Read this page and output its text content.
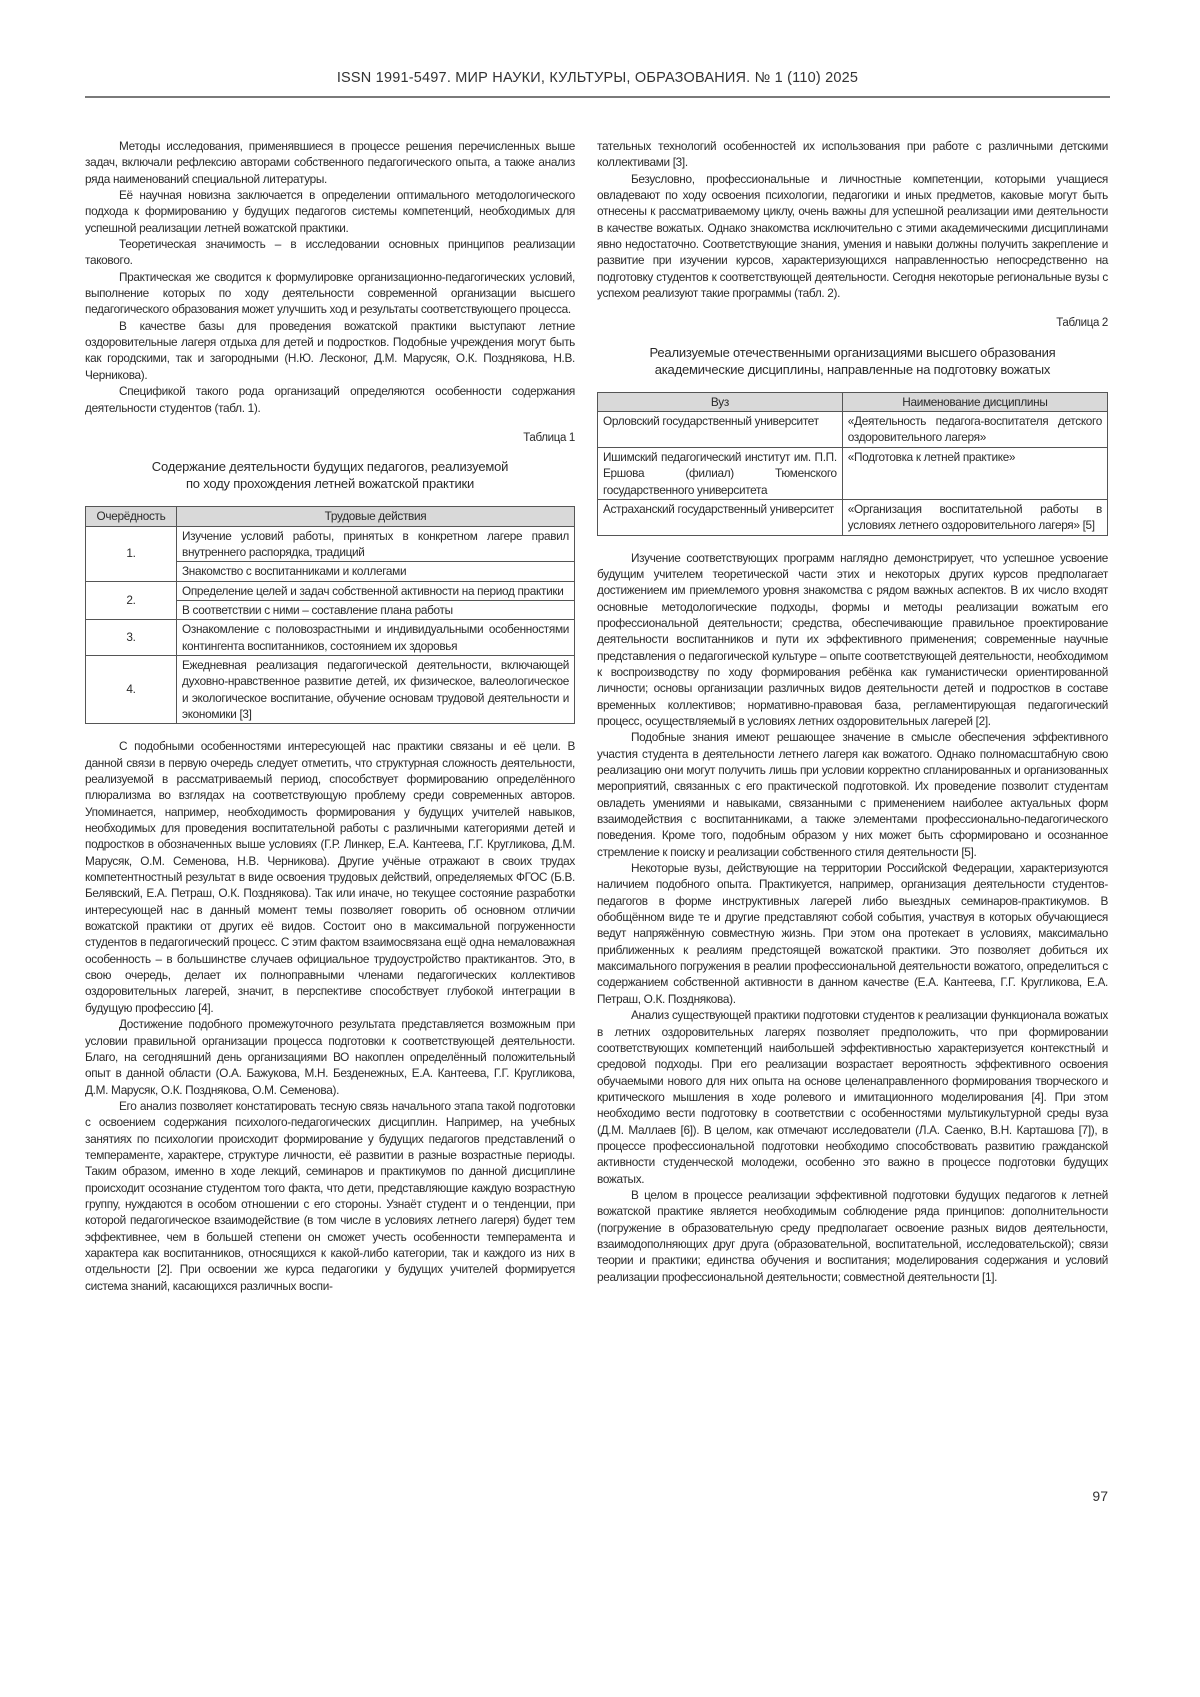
ISSN 1991-5497. МИР НАУКИ, КУЛЬТУРЫ, ОБРАЗОВАНИЯ. № 1 (110) 2025

Методы исследования, применявшиеся в процессе решения перечисленных выше задач, включали рефлексию авторами собственного педагогического опыта, а также анализ ряда наименований специальной литературы.

Её научная новизна заключается в определении оптимального методологического подхода к формированию у будущих педагогов системы компетенций, необходимых для успешной реализации летней вожатской практики.

Теоретическая значимость – в исследовании основных принципов реализации таковогo.

Практическая же сводится к формулировке организационно-педагогических условий, выполнение которых по ходу деятельности современной организации высшего педагогического образования может улучшить ход и результаты соответствующего процесса.

В качестве базы для проведения вожатской практики выступают летние оздоровительные лагеря отдыха для детей и подростков. Подобные учреждения могут быть как городскими, так и загородными (Н.Ю. Лесконог, Д.М. Марусяк, О.К. Позднякова, Н.В. Черникова).

Спецификой такого рода организаций определяются особенности содержания деятельности студентов (табл. 1).

Таблица 1
Содержание деятельности будущих педагогов, реализуемой
по ходу прохождения летней вожатской практики
Очерёдность	Трудовые действия
1.	Изучение условий работы, принятых в конкретном лагере правил внутреннего распорядка, традиций
Знакомство с воспитанниками и коллегами
2.	Определение целей и задач собственной активности на период практики
В соответствии с ними – составление плана работы
3.	Ознакомление с половозрастными и индивидуальными особенностями контингента воспитанников, состоянием их здоровья
4.	Ежедневная реализация педагогической деятельности, включающей духовно-нравственное развитие детей, их физическое, валеологическое и экологическое воспитание, обучение основам трудовой деятельности и экономики [3]

С подобными особенностями интересующей нас практики связаны и её цели. В данной связи в первую очередь следует отметить, что структурная сложность деятельности, реализуемой в рассматриваемый период, способствует формированию определённого плюрализма во взглядах на соответствующую проблему среди современных авторов. Упоминается, например, необходимость формирования у будущих учителей навыков, необходимых для проведения воспитательной работы с различными категориями детей и подростков в обозначенных выше условиях (Г.Р. Линкер, Е.А. Кантеева, Г.Г. Кругликова, Д.М. Марусяк, О.М. Семенова, Н.В. Черникова). Другие учёные отражают в своих трудах компетентностный результат в виде освоения трудовых действий, определяемых ФГОС (Б.В. Белявский, Е.А. Петраш, О.К. Позднякова). Так или иначе, но текущее состояние разработки интересующей нас в данный момент темы позволяет говорить об основном отличии вожатской практики от других её видов. Состоит оно в максимальной погруженности студентов в педагогический процесс. С этим фактом взаимосвязана ещё одна немаловажная особенность – в большинстве случаев официальное трудоустройство практикантов. Это, в свою очередь, делает их полноправными членами педагогических коллективов оздоровительных лагерей, значит, в перспективе способствует глубокой интеграции в будущую профессию [4].

Достижение подобного промежуточного результата представляется возможным при условии правильной организации процесса подготовки к соответствующей деятельности. Благо, на сегодняшний день организациями ВО накоплен определённый положительный опыт в данной области (О.А. Бажукова, М.Н. Безденежных, Е.А. Кантеева, Г.Г. Кругликова, Д.М. Марусяк, О.К. Позднякова, О.М. Семенова).

Его анализ позволяет констатировать тесную связь начального этапа такой подготовки с освоением содержания психолого-педагогических дисциплин. Например, на учебных занятиях по психологии происходит формирование у будущих педагогов представлений о темпераменте, характере, структуре личности, её развитии в разные возрастные периоды. Таким образом, именно в ходе лекций, семинаров и практикумов по данной дисциплине происходит осознание студентом того факта, что дети, представляющие каждую возрастную группу, нуждаются в особом отношении с его стороны. Узнаёт студент и о тенденции, при которой педагогическое взаимодействие (в том числе в условиях летнего лагеря) будет тем эффективнее, чем в большей степени он сможет учесть особенности темперамента и характера как воспитанников, относящихся к какой-либо категории, так и каждого из них в отдельности [2]. При освоении же курса педагогики у будущих учителей формируется система знаний, касающихся различных воспи-

тательных технологий особенностей их использования при работе с различными детскими коллективами [3].

Безусловно, профессиональные и личностные компетенции, которыми учащиеся овладевают по ходу освоения психологии, педагогики и иных предметов, каковые могут быть отнесены к рассматриваемому циклу, очень важны для успешной реализации ими деятельности в качестве вожатых. Однако знакомства исключительно с этими академическими дисциплинами явно недостаточно. Соответствующие знания, умения и навыки должны получить закрепление и развитие при изучении курсов, характеризующихся направленностью непосредственно на подготовку студентов к соответствующей деятельности. Сегодня некоторые региональные вузы с успехом реализуют такие программы (табл. 2).

Таблица 2
Реализуемые отечественными организациями высшего образования
академические дисциплины, направленные на подготовку вожатых
Вуз	Наименование дисциплины
Орловский государственный университет	«Деятельность педагога-воспитателя детского оздоровительного лагеря»
Ишимский педагогический институт им. П.П. Ершова (филиал) Тюменского государственного университета	«Подготовка к летней практике»
Астраханский государственный университет	«Организация воспитательной работы в условиях летнего оздоровительного лагеря» [5]

Изучение соответствующих программ наглядно демонстрирует, что успешное усвоение будущим учителем теоретической части этих и некоторых других курсов предполагает достижением им приемлемого уровня знакомства с рядом важных аспектов. В их число входят основные методологические подходы, формы и методы реализации вожатым его профессиональной деятельности; средства, обеспечивающие правильное проектирование деятельности воспитанников и пути их эффективного применения; современные научные представления о педагогической культуре – опыте соответствующей деятельности, необходимом к воспроизводству по ходу формирования ребёнка как гуманистически ориентированной личности; основы организации различных видов деятельности детей и подростков в составе временных коллективов; нормативно-правовая база, регламентирующая педагогический процесс, осуществляемый в условиях летних оздоровительных лагерей [2].

Подобные знания имеют решающее значение в смысле обеспечения эффективного участия студента в деятельности летнего лагеря как вожатого. Однако полномасштабную свою реализацию они могут получить лишь при условии корректно спланированных и организованных мероприятий, связанных с его практической подготовкой. Их проведение позволит студентам овладеть умениями и навыками, связанными с применением наиболее актуальных форм взаимодействия с воспитанниками, а также элементами профессионально-педагогического поведения. Кроме того, подобным образом у них может быть сформировано и осознанное стремление к поиску и реализации собственного стиля деятельности [5].

Некоторые вузы, действующие на территории Российской Федерации, характеризуются наличием подобного опыта. Практикуется, например, организация деятельности студентов-педагогов в форме инструктивных лагерей либо выездных семинаров-практикумов. В обобщённом виде те и другие представляют собой события, участвуя в которых обучающиеся ведут напряжённую совместную жизнь. При этом она протекает в условиях, максимально приближенных к реалиям предстоящей вожатской практики. Это позволяет добиться их максимального погружения в реалии профессиональной деятельности вожатого, определиться с содержанием собственной активности в данном качестве (Е.А. Кантеева, Г.Г. Кругликова, Е.А. Петраш, О.К. Позднякова).

Анализ существующей практики подготовки студентов к реализации функционала вожатых в летних оздоровительных лагерях позволяет предположить, что при формировании соответствующих компетенций наибольшей эффективностью характеризуется контекстный и средовой подходы. При его реализации возрастает вероятность эффективного освоения обучаемыми нового для них опыта на основе целенаправленного формирования творческого и критического мышления в ходе ролевого и имитационного моделирования [4]. При этом необходимо вести подготовку в соответствии с особенностями мультикультурной среды вуза (Д.М. Маллаев [6]). В целом, как отмечают исследователи (Л.А. Саенко, В.Н. Карташова [7]), в процессе профессиональной подготовки необходимо способствовать развитию гражданской активности студенческой молодежи, особенно это важно в процессе подготовки будущих вожатых.

В целом в процессе реализации эффективной подготовки будущих педагогов к летней вожатской практике является необходимым соблюдение ряда принципов: дополнительности (погружение в образовательную среду предполагает освоение разных видов деятельности, взаимодополняющих друг друга (образовательной, воспитательной, исследовательской); связи теории и практики; единства обучения и воспитания; моделирования содержания и условий реализации профессиональной деятельности; совместной деятельности [1].

97
